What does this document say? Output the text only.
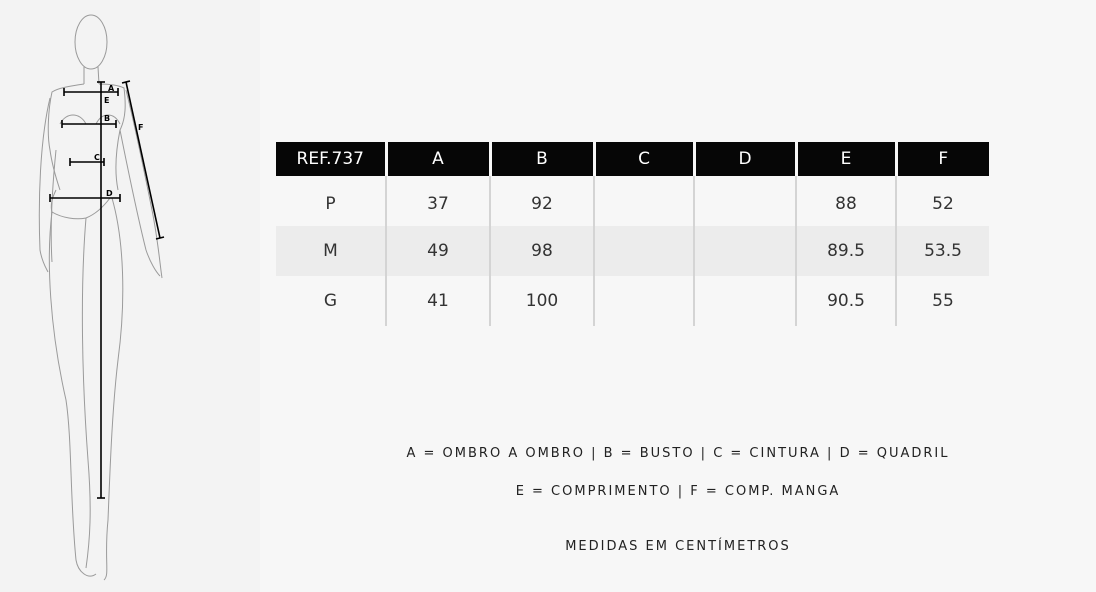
A
E
B
C
D
F
REF.737	A	B	C	D	E	F
P	37	92			88	52
M	49	98			89.5	53.5
G	41	100			90.5	55
A = OMBRO A OMBRO | B = BUSTO | C = CINTURA | D = QUADRIL
E = COMPRIMENTO | F = COMP. MANGA
MEDIDAS EM CENTÍMETROS
